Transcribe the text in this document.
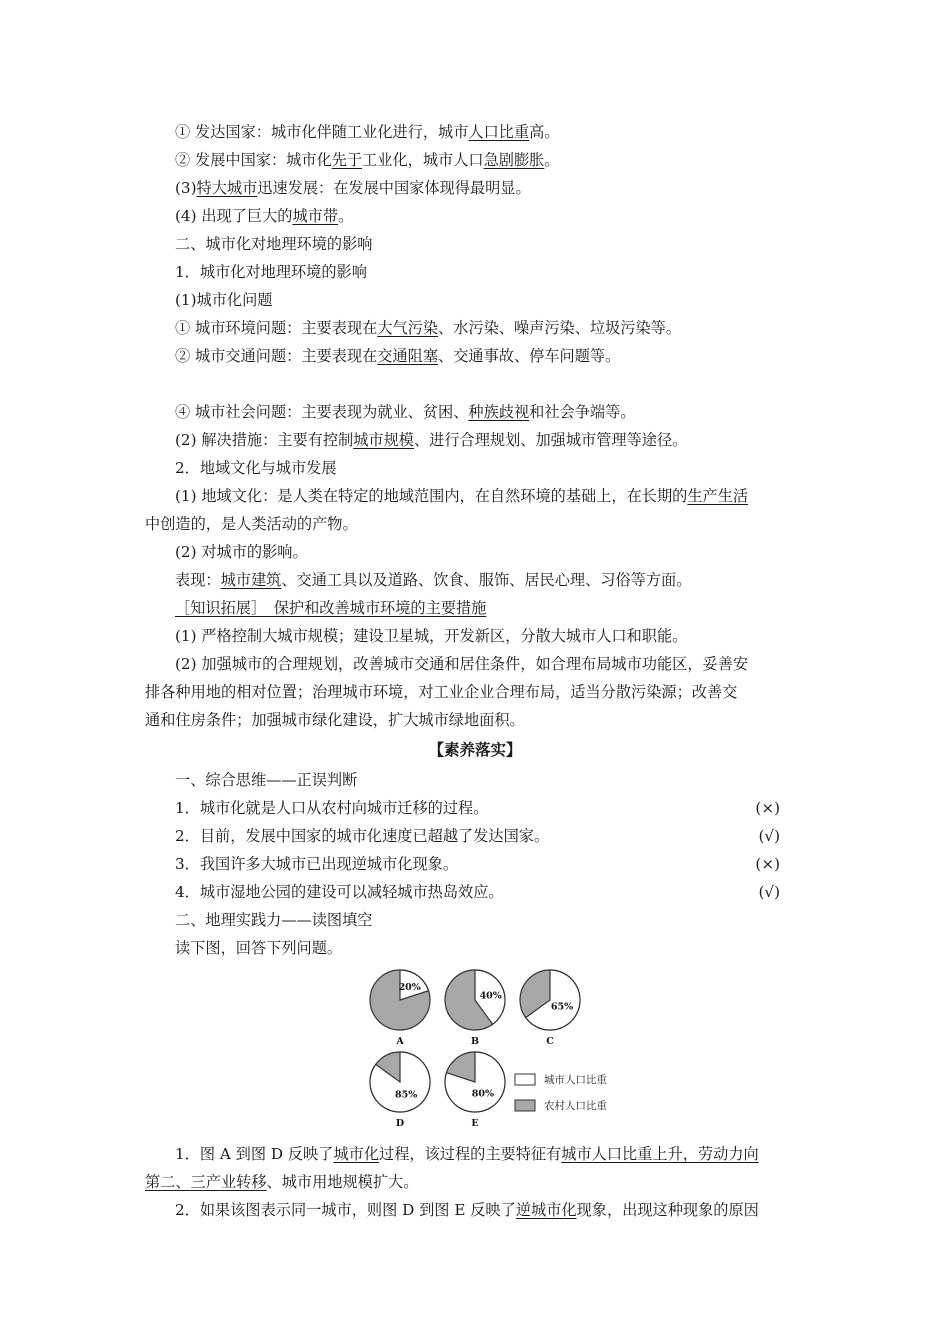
① 发达国家：城市化伴随工业化进行，城市人口比重高。
② 发展中国家：城市化先于工业化，城市人口急剧膨胀。
(3)特大城市迅速发展：在发展中国家体现得最明显。
(4) 出现了巨大的城市带。
二、城市化对地理环境的影响
1．城市化对地理环境的影响
(1)城市化问题
① 城市环境问题：主要表现在大气污染、水污染、噪声污染、垃圾污染等。
② 城市交通问题：主要表现在交通阻塞、交通事故、停车问题等。
④ 城市社会问题：主要表现为就业、贫困、种族歧视和社会争端等。
(2) 解决措施：主要有控制城市规模、进行合理规划、加强城市管理等途径。
2．地域文化与城市发展
(1) 地域文化：是人类在特定的地域范围内，在自然环境的基础上，在长期的生产生活
中创造的，是人类活动的产物。
(2) 对城市的影响。
表现：城市建筑、交通工具以及道路、饮食、服饰、居民心理、习俗等方面。
［知识拓展］　保护和改善城市环境的主要措施
(1) 严格控制大城市规模；建设卫星城，开发新区，分散大城市人口和职能。
(2) 加强城市的合理规划，改善城市交通和居住条件，如合理布局城市功能区，妥善安
排各种用地的相对位置；治理城市环境，对工业企业合理布局，适当分散污染源；改善交
通和住房条件；加强城市绿化建设，扩大城市绿地面积。
【素养落实】
一、综合思维——正误判断
1．城市化就是人口从农村向城市迁移的过程。	(×)
2．目前，发展中国家的城市化速度已超越了发达国家。	(√)
3．我国许多大城市已出现逆城市化现象。	(×)
4．城市湿地公园的建设可以减轻城市热岛效应。	(√)
二、地理实践力——读图填空
读下图，回答下列问题。
20%
A
40%
B
65%
C
85%
D
80%
E
城市人口比重
农村人口比重
1．图 A 到图 D 反映了城市化过程，该过程的主要特征有城市人口比重上升，劳动力向
第二、三产业转移、城市用地规模扩大。
2．如果该图表示同一城市，则图 D 到图 E 反映了逆城市化现象，出现这种现象的原因
